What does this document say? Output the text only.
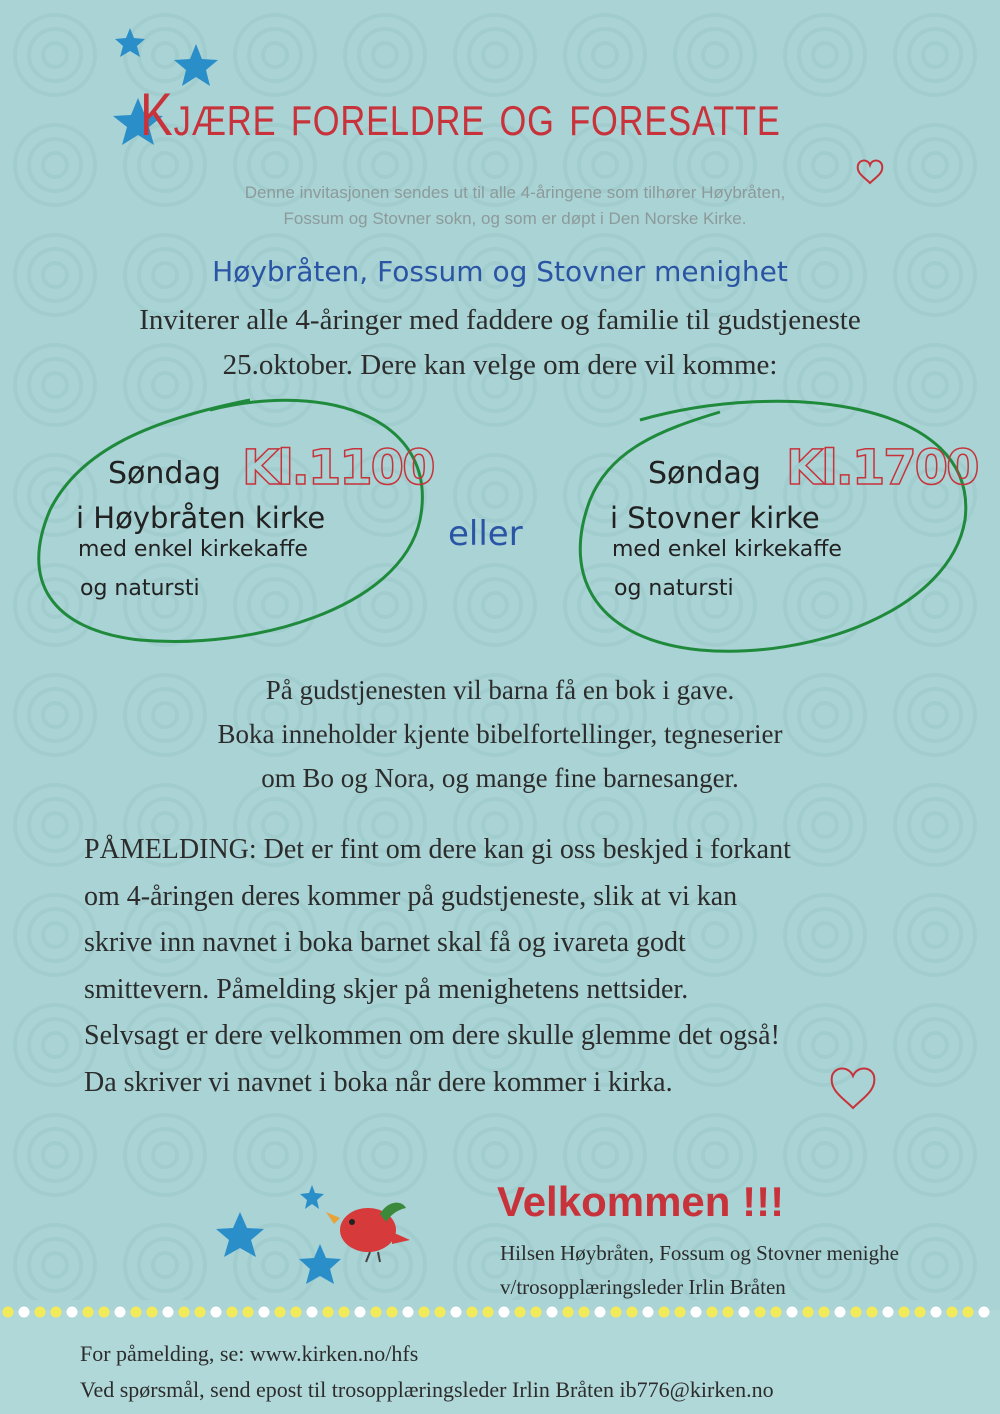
Kjære foreldre og foresatte
Denne invitasjonen sendes ut til alle 4-åringene som tilhører Høybråten,
Fossum og Stovner sokn, og som er døpt i Den Norske Kirke.
Høybråten, Fossum og Stovner menighet
Inviterer alle 4-åringer med faddere og familie til gudstjeneste
25.oktober. Dere kan velge om dere vil komme:
Søndag Kl.1100
i Høybråten kirke
med enkel kirkekaffe
og natursti
eller
Søndag Kl.1700
i Stovner kirke
med enkel kirkekaffe
og natursti
På gudstjenesten vil barna få en bok i gave.
Boka inneholder kjente bibelfortellinger, tegneserier
om Bo og Nora, og mange fine barnesanger.
PÅMELDING: Det er fint om dere kan gi oss beskjed i forkant
om 4-åringen deres kommer på gudstjeneste, slik at vi kan
skrive inn navnet i boka barnet skal få og ivareta godt
smittevern. Påmelding skjer på menighetens nettsider.
Selvsagt er dere velkommen om dere skulle glemme det også!
Da skriver vi navnet i boka når dere kommer i kirka.
Velkommen !!!
Hilsen Høybråten, Fossum og Stovner menighe
v/trosopplæringsleder Irlin Bråten
For påmelding, se: www.kirken.no/hfs
Ved spørsmål, send epost til trosopplæringsleder Irlin Bråten ib776@kirken.no
